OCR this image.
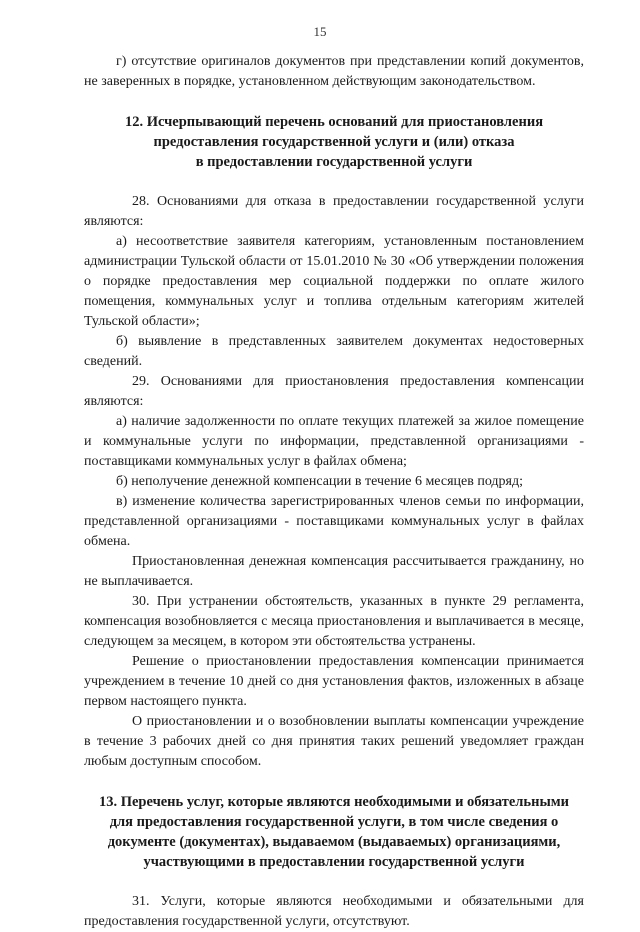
15

г) отсутствие оригиналов документов при представлении копий документов, не заверенных в порядке, установленном действующим законодательством.

12. Исчерпывающий перечень оснований для приостановления
предоставления государственной услуги и (или) отказа
в предоставлении государственной услуги

28. Основаниями для отказа в предоставлении государственной услуги являются:

а) несоответствие заявителя категориям, установленным постановлением администрации Тульской области от 15.01.2010 № 30 «Об утверждении положения о порядке предоставления мер социальной поддержки по оплате жилого помещения, коммунальных услуг и топлива отдельным категориям жителей Тульской области»;

б) выявление в представленных заявителем документах недостоверных сведений.

29. Основаниями для приостановления предоставления компенсации являются:

а) наличие задолженности по оплате текущих платежей за жилое помещение и коммунальные услуги по информации, представленной организациями - поставщиками коммунальных услуг в файлах обмена;

б) неполучение денежной компенсации в течение 6 месяцев подряд;

в) изменение количества зарегистрированных членов семьи по информации, представленной организациями - поставщиками коммунальных услуг в файлах обмена.

Приостановленная денежная компенсация рассчитывается гражданину, но не выплачивается.

30. При устранении обстоятельств, указанных в пункте 29 регламента, компенсация возобновляется с месяца приостановления и выплачивается в месяце, следующем за месяцем, в котором эти обстоятельства устранены.

Решение о приостановлении предоставления компенсации принимается учреждением в течение 10 дней со дня установления фактов, изложенных в абзаце первом настоящего пункта.

О приостановлении и о возобновлении выплаты компенсации учреждение в течение 3 рабочих дней со дня принятия таких решений уведомляет граждан любым доступным способом.

13. Перечень услуг, которые являются необходимыми и обязательными
для предоставления государственной услуги, в том числе сведения о
документе (документах), выдаваемом (выдаваемых) организациями,
участвующими в предоставлении государственной услуги

31. Услуги, которые являются необходимыми и обязательными для предоставления государственной услуги, отсутствуют.
